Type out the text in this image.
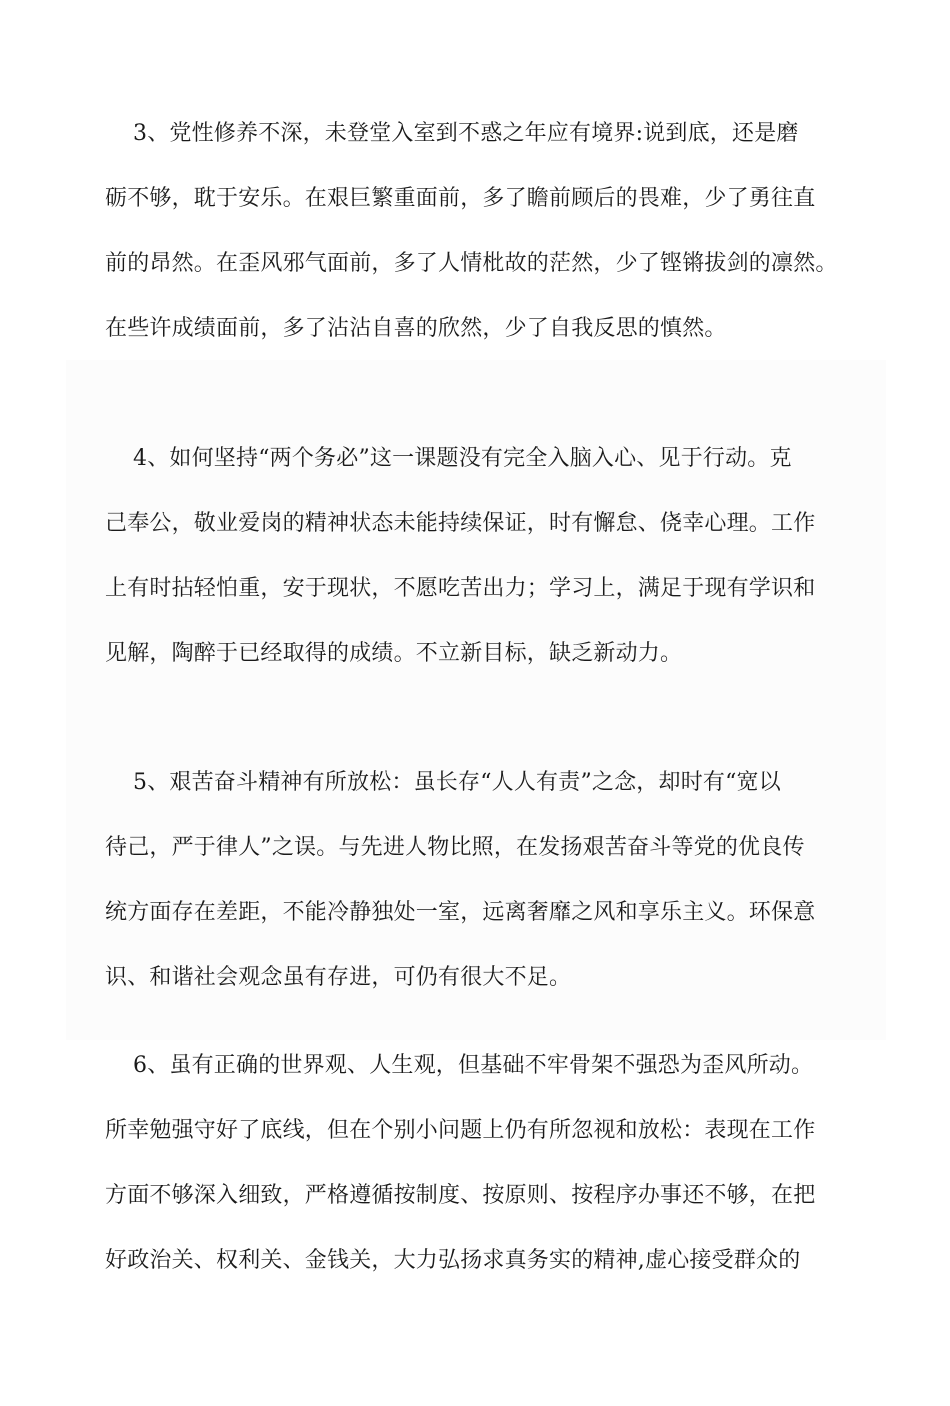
3、党性修养不深，未登堂入室到不惑之年应有境界:说到底，还是磨
砺不够，耽于安乐。在艰巨繁重面前，多了瞻前顾后的畏难，少了勇往直
前的昂然。在歪风邪气面前，多了人情枇故的茫然，少了铿锵拔剑的凛然。
在些许成绩面前，多了沾沾自喜的欣然，少了自我反思的慎然。
4、如何坚持“两个务必”这一课题没有完全入脑入心、见于行动。克
己奉公，敬业爱岗的精神状态未能持续保证，时有懈怠、侥幸心理。工作
上有时拈轻怕重，安于现状，不愿吃苦出力；学习上，满足于现有学识和
见解，陶醉于已经取得的成绩。不立新目标，缺乏新动力。
5、艰苦奋斗精神有所放松：虽长存“人人有责”之念，却时有“宽以
待己，严于律人”之误。与先进人物比照，在发扬艰苦奋斗等党的优良传
统方面存在差距，不能冷静独处一室，远离奢靡之风和享乐主义。环保意
识、和谐社会观念虽有存进，可仍有很大不足。
6、虽有正确的世界观、人生观，但基础不牢骨架不强恐为歪风所动。
所幸勉强守好了底线，但在个别小问题上仍有所忽视和放松：表现在工作
方面不够深入细致，严格遵循按制度、按原则、按程序办事还不够，在把
好政治关、权利关、金钱关，大力弘扬求真务实的精神,虚心接受群众的
